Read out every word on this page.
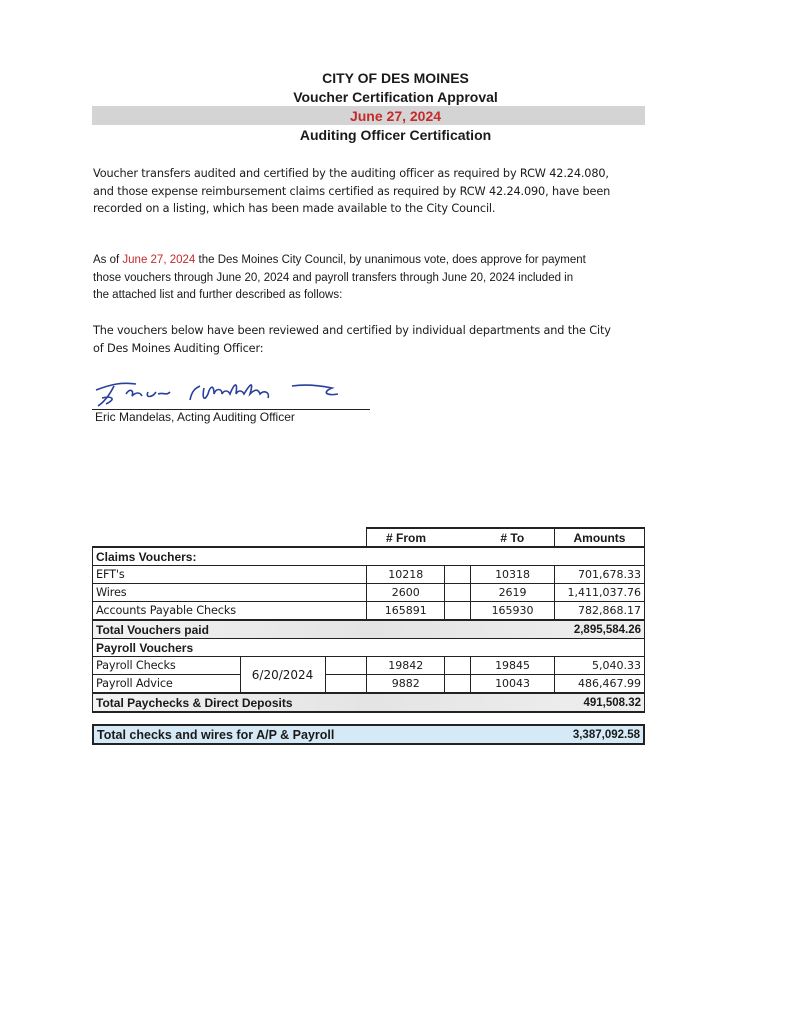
CITY OF DES MOINES
Voucher Certification Approval
June 27, 2024
Auditing Officer Certification
Voucher transfers audited and certified by the auditing officer as required by RCW 42.24.080, and those expense reimbursement claims certified as required by RCW 42.24.090, have been recorded on a listing, which has been made available to the City Council.
As of June 27, 2024 the Des Moines City Council, by unanimous vote, does approve for payment those vouchers through June 20, 2024 and payroll transfers through June 20, 2024 included in the attached list and further described as follows:
The vouchers below have been reviewed and certified by individual departments and the City of Des Moines Auditing Officer:
Eric Mandelas, Acting Auditing Officer
			# From		# To	Amounts
Claims Vouchers:						
EFT's			10218		10318	701,678.33
Wires			2600		2619	1,411,037.76
Accounts Payable Checks			165891		165930	782,868.17
Total Vouchers paid						2,895,584.26
Payroll Vouchers						
Payroll Checks	6/20/2024		19842		19845	5,040.33
Payroll Advice			9882		10043	486,467.99
Total Paychecks & Direct Deposits						491,508.32
Total checks and wires for A/P & Payroll	3,387,092.58
